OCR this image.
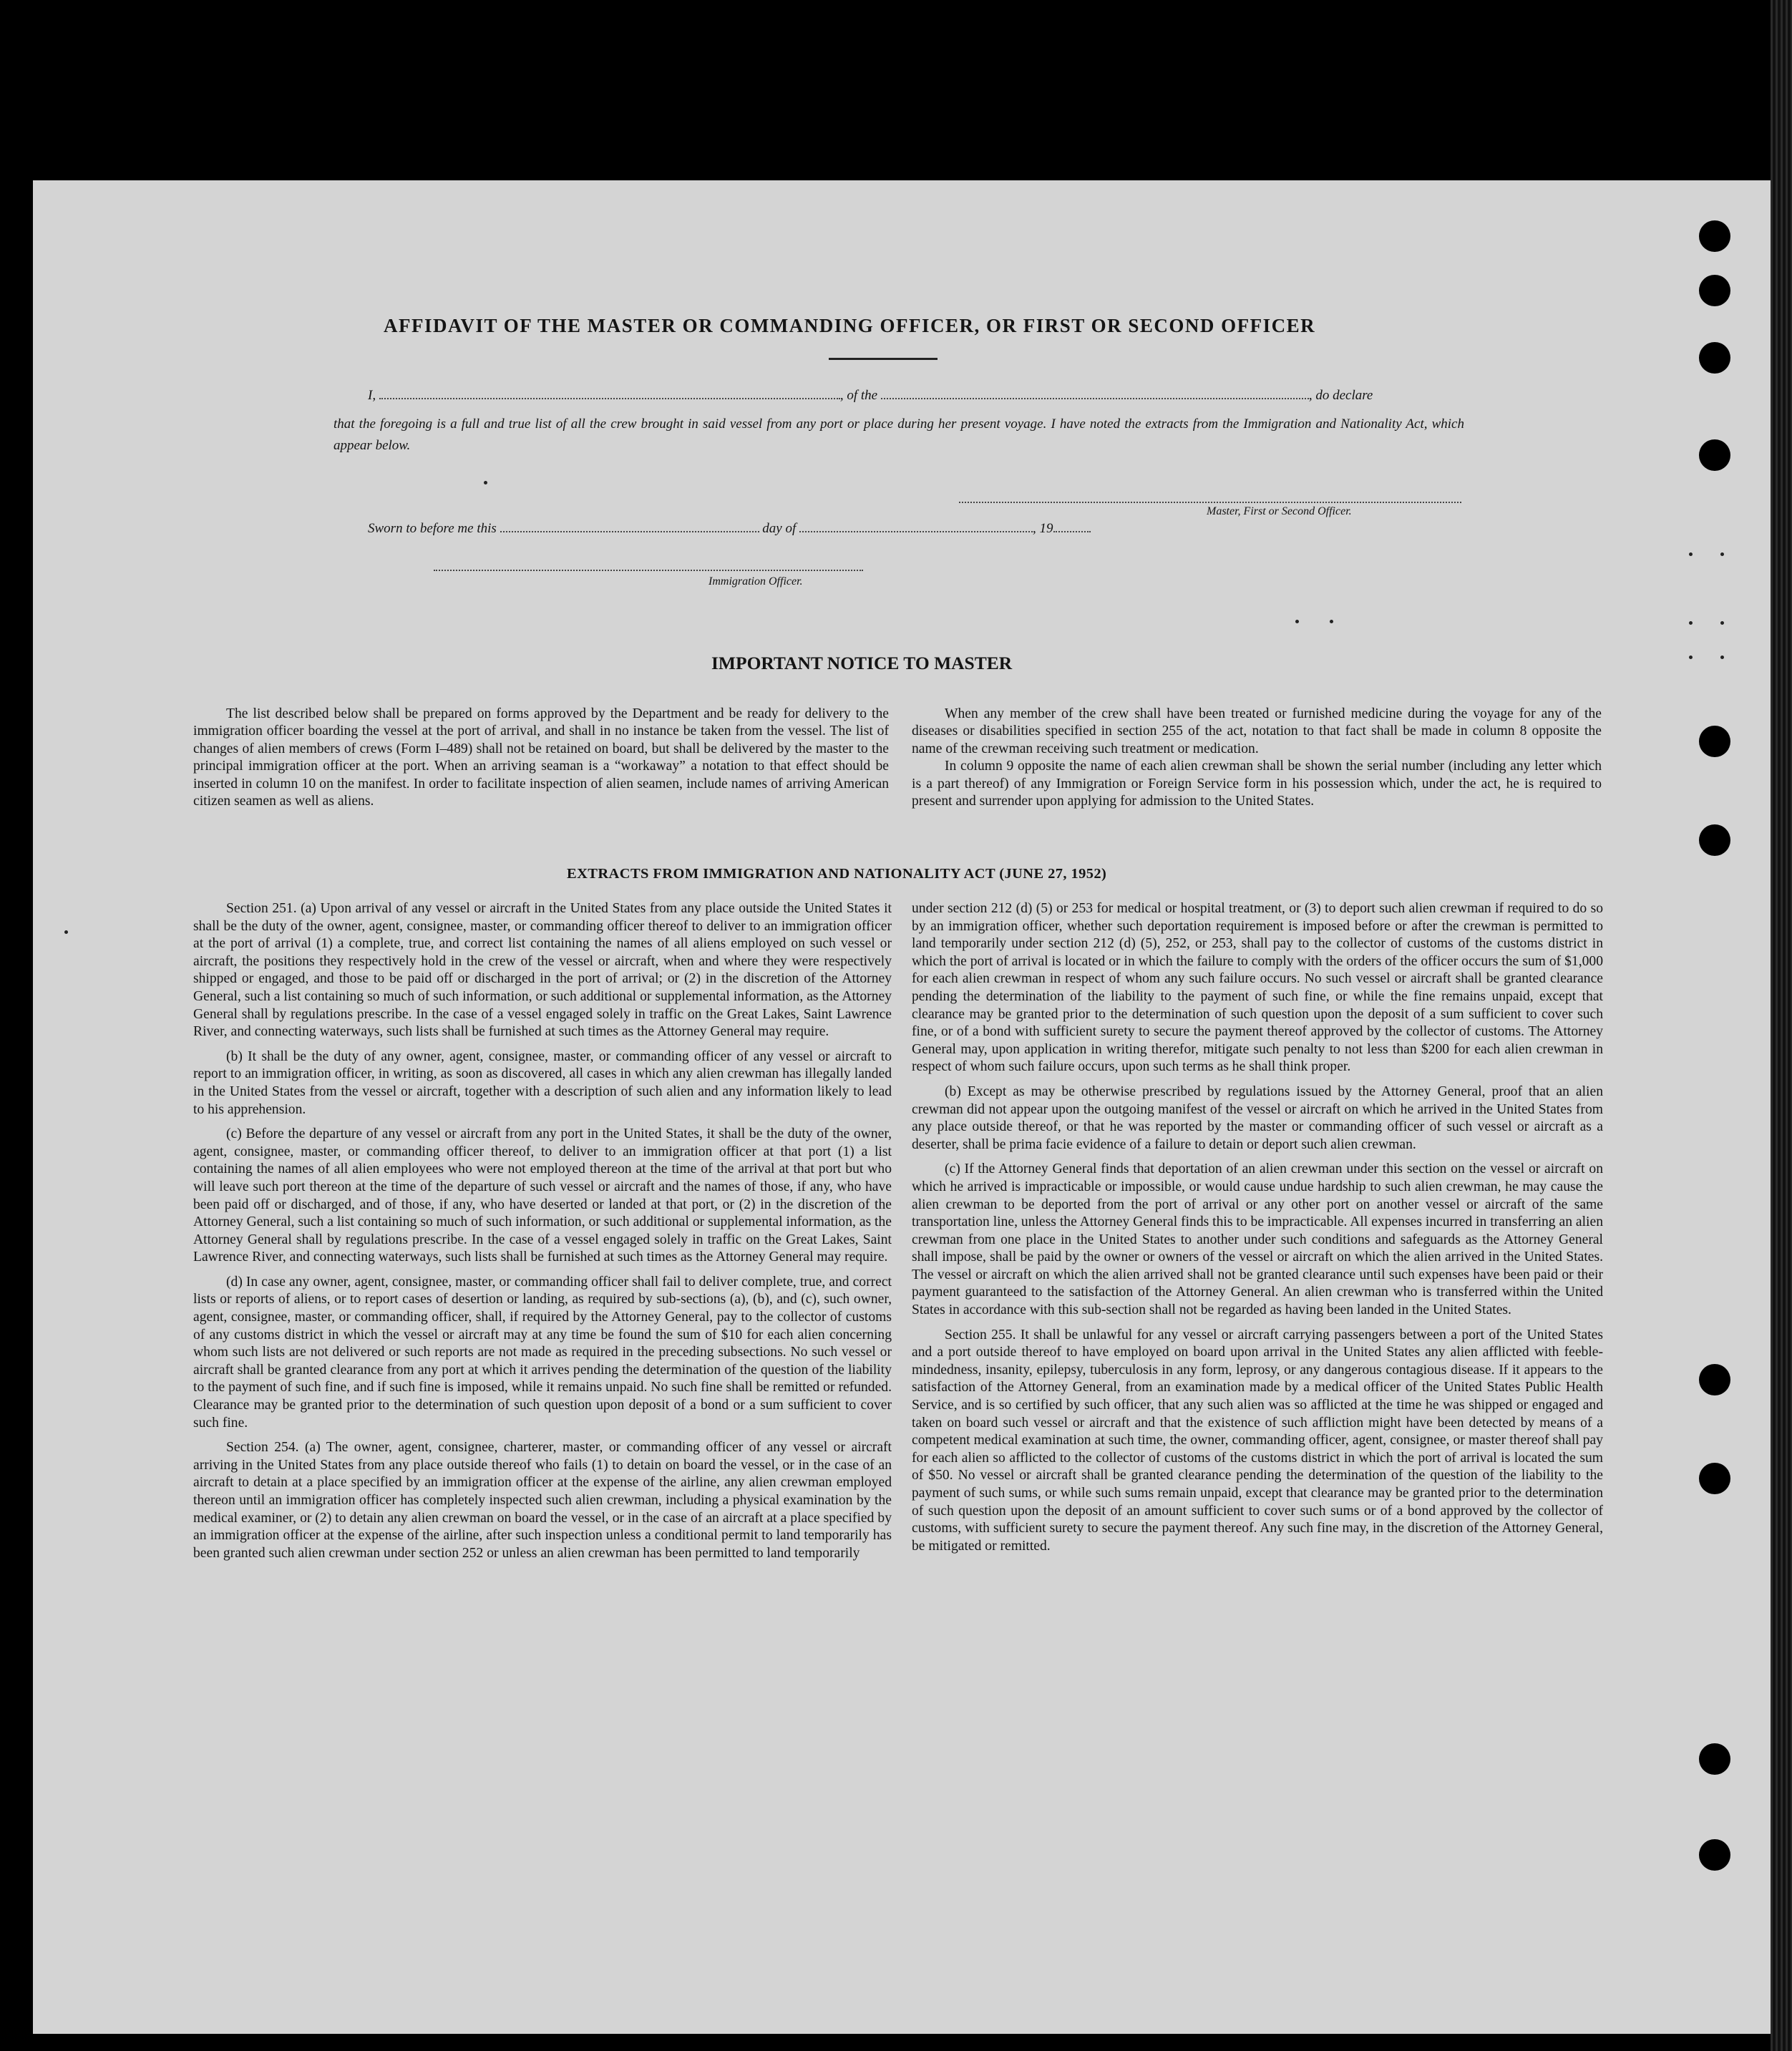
AFFIDAVIT OF THE MASTER OR COMMANDING OFFICER, OR FIRST OR SECOND OFFICER
I,	, of the	, do declare
that the foregoing is a full and true list of all the crew brought in said vessel from any port or place during her present voyage. I have noted the extracts from the Immigration and Nationality Act, which appear below.
Master, First or Second Officer.
Sworn to before me this	day of	, 19
Immigration Officer.
IMPORTANT NOTICE TO MASTER

The list described below shall be prepared on forms approved by the Department and be ready for delivery to the immigration officer boarding the vessel at the port of arrival, and shall in no instance be taken from the vessel. The list of changes of alien members of crews (Form I–489) shall not be retained on board, but shall be delivered by the master to the principal immigration officer at the port. When an arriving seaman is a “workaway” a notation to that effect should be inserted in column 10 on the manifest. In order to facilitate inspection of alien seamen, include names of arriving American citizen seamen as well as aliens.

When any member of the crew shall have been treated or furnished medicine during the voyage for any of the diseases or disabilities specified in section 255 of the act, notation to that fact shall be made in column 8 opposite the name of the crewman receiving such treatment or medication.

In column 9 opposite the name of each alien crewman shall be shown the serial number (including any letter which is a part thereof) of any Immigration or Foreign Service form in his possession which, under the act, he is required to present and surrender upon applying for admission to the United States.

EXTRACTS FROM IMMIGRATION AND NATIONALITY ACT (JUNE 27, 1952)

Section 251. (a) Upon arrival of any vessel or aircraft in the United States from any place outside the United States it shall be the duty of the owner, agent, consignee, master, or commanding officer thereof to deliver to an immigration officer at the port of arrival (1) a complete, true, and correct list containing the names of all aliens employed on such vessel or aircraft, the positions they respectively hold in the crew of the vessel or aircraft, when and where they were respectively shipped or engaged, and those to be paid off or discharged in the port of arrival; or (2) in the discretion of the Attorney General, such a list containing so much of such information, or such additional or supplemental information, as the Attorney General shall by regulations prescribe. In the case of a vessel engaged solely in traffic on the Great Lakes, Saint Lawrence River, and connecting waterways, such lists shall be furnished at such times as the Attorney General may require.

(b) It shall be the duty of any owner, agent, consignee, master, or commanding officer of any vessel or aircraft to report to an immigration officer, in writing, as soon as discovered, all cases in which any alien crewman has illegally landed in the United States from the vessel or aircraft, together with a description of such alien and any information likely to lead to his apprehension.

(c) Before the departure of any vessel or aircraft from any port in the United States, it shall be the duty of the owner, agent, consignee, master, or commanding officer thereof, to deliver to an immigration officer at that port (1) a list containing the names of all alien employees who were not employed thereon at the time of the arrival at that port but who will leave such port thereon at the time of the departure of such vessel or aircraft and the names of those, if any, who have been paid off or discharged, and of those, if any, who have deserted or landed at that port, or (2) in the discretion of the Attorney General, such a list containing so much of such information, or such additional or supplemental information, as the Attorney General shall by regulations prescribe. In the case of a vessel engaged solely in traffic on the Great Lakes, Saint Lawrence River, and connecting waterways, such lists shall be furnished at such times as the Attorney General may require.

(d) In case any owner, agent, consignee, master, or commanding officer shall fail to deliver complete, true, and correct lists or reports of aliens, or to report cases of desertion or landing, as required by sub-sections (a), (b), and (c), such owner, agent, consignee, master, or commanding officer, shall, if required by the Attorney General, pay to the collector of customs of any customs district in which the vessel or aircraft may at any time be found the sum of $10 for each alien concerning whom such lists are not delivered or such reports are not made as required in the preceding subsections. No such vessel or aircraft shall be granted clearance from any port at which it arrives pending the determination of the question of the liability to the payment of such fine, and if such fine is imposed, while it remains unpaid. No such fine shall be remitted or refunded. Clearance may be granted prior to the determination of such question upon deposit of a bond or a sum sufficient to cover such fine.

Section 254. (a) The owner, agent, consignee, charterer, master, or commanding officer of any vessel or aircraft arriving in the United States from any place outside thereof who fails (1) to detain on board the vessel, or in the case of an aircraft to detain at a place specified by an immigration officer at the expense of the airline, any alien crewman employed thereon until an immigration officer has completely inspected such alien crewman, including a physical examination by the medical examiner, or (2) to detain any alien crewman on board the vessel, or in the case of an aircraft at a place specified by an immigration officer at the expense of the airline, after such inspection unless a conditional permit to land temporarily has been granted such alien crewman under section 252 or unless an alien crewman has been permitted to land temporarily

under section 212 (d) (5) or 253 for medical or hospital treatment, or (3) to deport such alien crewman if required to do so by an immigration officer, whether such deportation requirement is imposed before or after the crewman is permitted to land temporarily under section 212 (d) (5), 252, or 253, shall pay to the collector of customs of the customs district in which the port of arrival is located or in which the failure to comply with the orders of the officer occurs the sum of $1,000 for each alien crewman in respect of whom any such failure occurs. No such vessel or aircraft shall be granted clearance pending the determination of the liability to the payment of such fine, or while the fine remains unpaid, except that clearance may be granted prior to the determination of such question upon the deposit of a sum sufficient to cover such fine, or of a bond with sufficient surety to secure the payment thereof approved by the collector of customs. The Attorney General may, upon application in writing therefor, mitigate such penalty to not less than $200 for each alien crewman in respect of whom such failure occurs, upon such terms as he shall think proper.

(b) Except as may be otherwise prescribed by regulations issued by the Attorney General, proof that an alien crewman did not appear upon the outgoing manifest of the vessel or aircraft on which he arrived in the United States from any place outside thereof, or that he was reported by the master or commanding officer of such vessel or aircraft as a deserter, shall be prima facie evidence of a failure to detain or deport such alien crewman.

(c) If the Attorney General finds that deportation of an alien crewman under this section on the vessel or aircraft on which he arrived is impracticable or impossible, or would cause undue hardship to such alien crewman, he may cause the alien crewman to be deported from the port of arrival or any other port on another vessel or aircraft of the same transportation line, unless the Attorney General finds this to be impracticable. All expenses incurred in transferring an alien crewman from one place in the United States to another under such conditions and safeguards as the Attorney General shall impose, shall be paid by the owner or owners of the vessel or aircraft on which the alien arrived in the United States. The vessel or aircraft on which the alien arrived shall not be granted clearance until such expenses have been paid or their payment guaranteed to the satisfaction of the Attorney General. An alien crewman who is transferred within the United States in accordance with this sub-section shall not be regarded as having been landed in the United States.

Section 255. It shall be unlawful for any vessel or aircraft carrying passengers between a port of the United States and a port outside thereof to have employed on board upon arrival in the United States any alien afflicted with feeble-mindedness, insanity, epilepsy, tuberculosis in any form, leprosy, or any dangerous contagious disease. If it appears to the satisfaction of the Attorney General, from an examination made by a medical officer of the United States Public Health Service, and is so certified by such officer, that any such alien was so afflicted at the time he was shipped or engaged and taken on board such vessel or aircraft and that the existence of such affliction might have been detected by means of a competent medical examination at such time, the owner, commanding officer, agent, consignee, or master thereof shall pay for each alien so afflicted to the collector of customs of the customs district in which the port of arrival is located the sum of $50. No vessel or aircraft shall be granted clearance pending the determination of the question of the liability to the payment of such sums, or while such sums remain unpaid, except that clearance may be granted prior to the determination of such question upon the deposit of an amount sufficient to cover such sums or of a bond approved by the collector of customs, with sufficient surety to secure the payment thereof. Any such fine may, in the discretion of the Attorney General, be mitigated or remitted.
